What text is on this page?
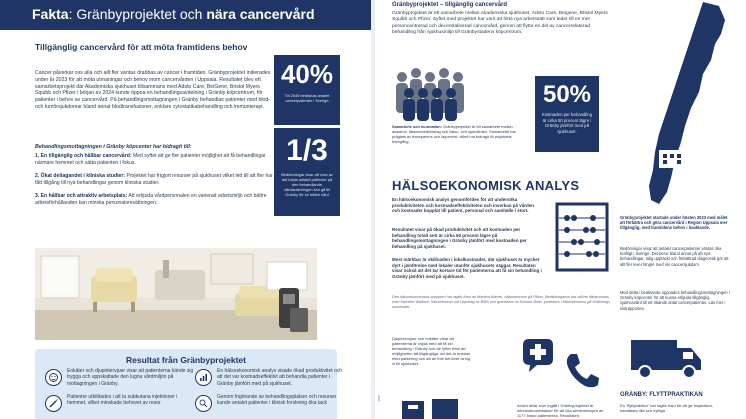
Fakta: Gränbyprojektet och nära cancervård
Tillgänglig cancervård för att möta framtidens behov
Cancer påverkar oss alla och allt fler väntas drabbas av cancer i framtiden. Gränbyprojektet initierades under år 2023 för att möta utmaningar och behov inom cancervården i Uppsala. Resultatet blev ett samarbetsprojekt där Akademiska sjukhuset tillsammans med Adsto Care, BeiGene, Bristol Myers Squibb och Pfizer i början av 2024 kunde öppna en behandlingsavdelning i Gränby köpcentrum, för patienter i behov av cancervård. På behandlingsmottagningen i Gränby behandlas patienter med blod- och tumörsjukdomar bland annat blodtransfusioner, enklare cytostatikabehandling och immunterapi.
Behandlingsmottagningen i Gränby köpcenter har bidragit till:
1. En tillgänglig och hållbar cancervård: Med syftet att ge fler patienter möjlighet att få behandlingar närmare hemmet och sätta patienten i fokus.
2. Ökat deltagandet i kliniska studier: Projektet har frigjort resurser på sjukhuset vilket lett till att fler har fått tillgång till nya behandlingar genom kliniska studier.
3. En hållbar och attraktiv arbetsplats: Att erbjuda vårdpersonalen en varierad arbetsmiljö och bättre arbetsförhållanden kan minska personalomsättningen.
40%
Till 2040 beräknas antalet cancerpatienter i Sverige
1/3
Bedömningar visar att man av det totala antalet patienter på den behandlande vårdavdelningen kan gå till Gränby för en bättre vård
Resultat från Gränbyprojektet
Enkäter och djupintervjuer visar att patienterna kände sig trygga och uppskattade den lugna vårdmiljön på mottagningen i Gränby.
En hälsoekonomisk analys visade ökad produktivitet och att det var kostnadseffektivt att behandla patienter i Gränby jämfört med på sjukhuset.
Patienter utbildades i att ta subkutana injektioner i hemmet, vilket minskade behovet av resor
Genom frigörande av behandlingsplatser och resurser kunde antalet patienter i klinisk forskning öka tack
Gränbyprojektet – tillgänglig cancervård
Gränbyprojektet är ett samarbete mellan Akademiska sjukhuset, Adsto Care, Beigene, Bristol Myers Squibb och Pfizer. Syftet med projektet har varit att hitta nya arbetssätt som leder till en mer personcentrerad och decentraliserad cancervård, genom att flytta en del av cancerrelaterad behandling från sjukhusmiljö till Gränbystadens köpcentrum.
Samarbete och innovation: Gränbyprojektet är ett samarbete mellan akademi, läkemedelsföretag och hälso- och sjukvården. Samarbetet har präglats av transparens och öppenhet, vilket har bidragit till projektets framgång.
50%
Kostnaden per behandling är cirka 50 procent lägre i Gränby jämfört med på sjukhuset.
Gränbyprojektet startade under hösten 2023 med målet att förbättra och göra cancervård i Region Uppsala mer tillgänglig, med framtidens behov i beaktande.
Bedömingar visar att antalet cancerpatienter väntas öka kraftigt i Sverige. Det beror bland annat på att nya behandlingar, tidig upptäckt och förbättrad diagnostik gör att allt fler lever längre med sin cancersjukdom.
Med detta i beaktande öppnades behandlingsmottagningen i Gränby köpcenter för att kunna erbjuda tillgänglig sjukhusvård till ett ökande antal cancerpatienter. Läs mer i slutrapporten.
HÄLSOEKONOMISK ANALYS
En hälsoekonomisk analys genomfördes för att undersöka produktiviteten och kostnadseffektiviteten och inverkan på vården och kostnader kopplat till patient, personal och samhälle i stort.
Resultatet visar på ökad produktivitet och att kostnaden per behandling totalt sett är cirka 50 procent lägre på behandlingsmottagningen i Gränby jämfört med kostnaden per behandling på sjukhuset.
Mest märkbar är skillnaden i lokalkostnader, där sjukhuset är mycket dyrt i jämförelse med lokaler utanför sjukhusets väggar. Resultaten visar också att det tar kortare tid för patienterna att få sin behandling i Gränby jämfört med på sjukhuset.
Den hälsoekonomiska analysen har tagits fram av Martina Aldvén, hälsoekonom på Pfizer. Beräkningarna har utförts tillsammans med Karoline Wallace, hälsoekonom på Uppdrag av BMS och granskats av Kristian Bolin, professor i hälsoekonomi på Göteborgs universitet.
Djupintervjuer och enkäter visar att patienterna är nöjda med att få sin behandling i Gränby och de tyfter fram att möjligheten att tillgängliga, att det är enklare med parkering och att de inte behöver ta sig in till sjukhuset.
Andra delar som ingått i Gränbyprojektet är informationsinsatser för att öka användningen av 1177 bland patienterna. Resultaten
GRÄNBY: FLYTTPRAKTIKAN
En "flyttpraktika" har tagits fram för att ge inspiration, handfasta råd och nyttiga
2025
